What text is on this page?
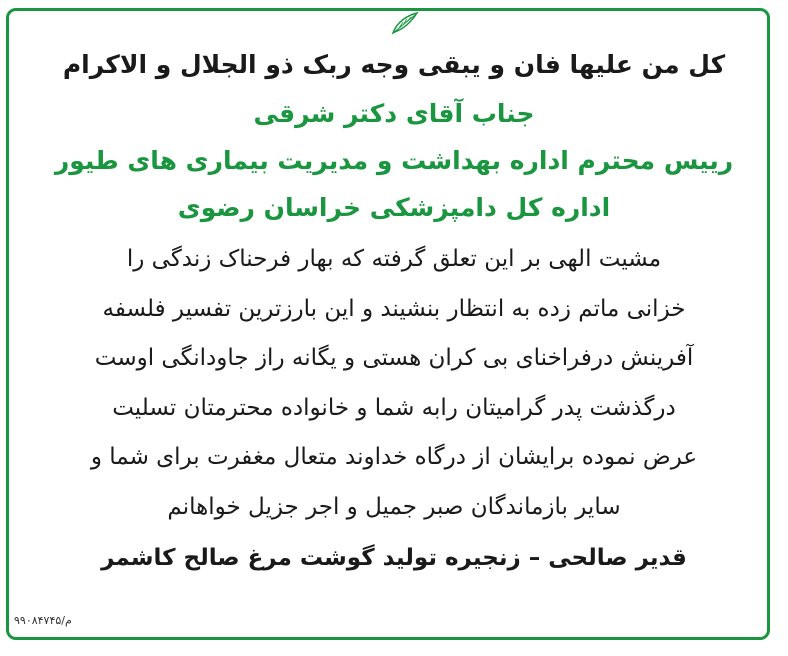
کل من علیها فان و یبقی وجه ربک ذو الجلال و الاکرام
جناب آقای دکتر شرقی
رییس محترم اداره بهداشت و مدیریت بیماری های طیور
اداره کل دامپزشکی خراسان رضوی
مشیت الهی بر این تعلق گرفته که بهار فرحناک زندگی را
خزانی ماتم زده به انتظار بنشیند و این بارزترین تفسیر فلسفه
آفرینش درفراخنای بی کران هستی و یگانه راز جاودانگی اوست
درگذشت پدر گرامیتان رابه شما و خانواده محترمتان تسلیت
عرض نموده برایشان از درگاه خداوند متعال مغفرت برای شما و
سایر بازماندگان صبر جمیل و اجر جزیل خواهانم
قدیر صالحی – زنجیره تولید گوشت مرغ صالح کاشمر
م/۹۹۰۸۴۷۴۵
